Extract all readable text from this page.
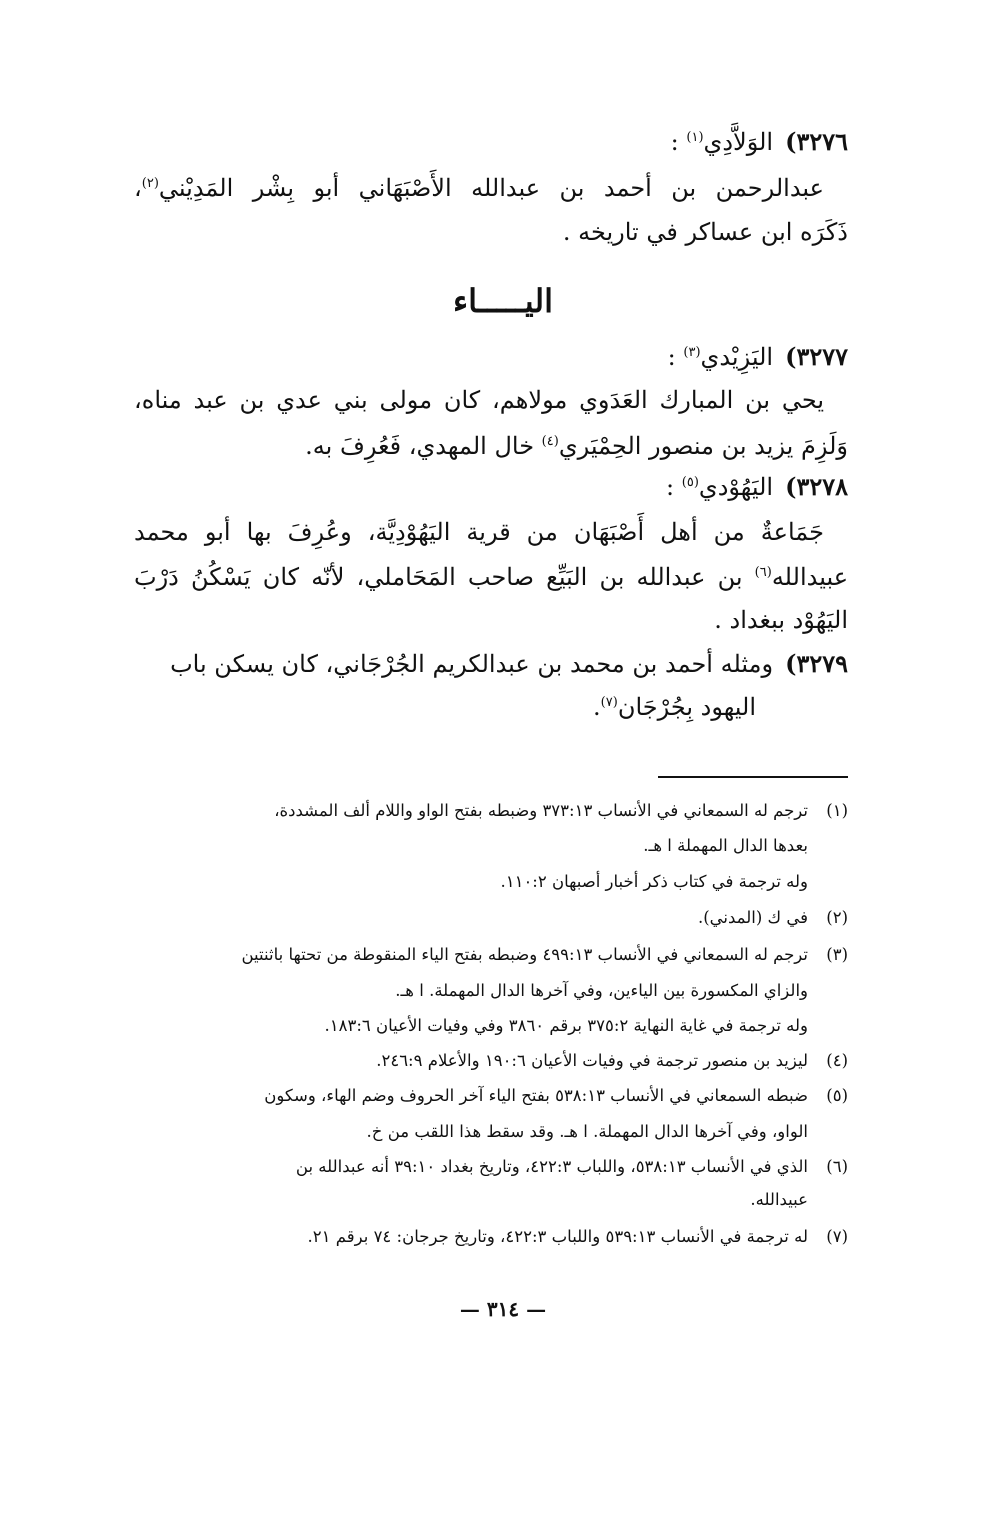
٣٢٧٦)الوَلاَّدِي$^{(١)}$ :
عبدالرحمن بن أحمد بن عبدالله الأَصْبَهَاني أبو بِشْر المَدِيْني$^{(٢)}$،
ذَكَرَه ابن عساكر في تاريخه .
اليـــــاء
٣٢٧٧)اليَزِيْدي$^{(٣)}$ :
يحي بن المبارك العَدَوي مولاهم، كان مولى بني عدي بن عبد مناه،
وَلَزِمَ يزيد بن منصور الحِمْيَري$^{(٤)}$ خال المهدي، فَعُرِفَ به.
٣٢٧٨)اليَهُوْدي$^{(٥)}$ :
جَمَاعةٌ من أهل أَصْبَهَان من قرية اليَهُوْدِيَّة، وعُرِفَ بها أبو محمد
عبيدالله$^{(٦)}$ بن عبدالله بن البَيِّع صاحب المَحَاملي، لأنّه كان يَسْكُنُ دَرْبَ
اليَهُوْد ببغداد .
٣٢٧٩)ومثله أحمد بن محمد بن عبدالكريم الجُرْجَاني، كان يسكن باب
اليهود بِجُرْجَان$^{(٧)}$.
(١)ترجم له السمعاني في الأنساب ٣٧٣:١٣ وضبطه بفتح الواو واللام ألف المشددة،
بعدها الدال المهملة ا هـ.
وله ترجمة في كتاب ذكر أخبار أصبهان ١١٠:٢.
(٢)في ك (المدني).
(٣)ترجم له السمعاني في الأنساب ٤٩٩:١٣ وضبطه بفتح الياء المنقوطة من تحتها باثنتين
والزاي المكسورة بين الياءين، وفي آخرها الدال المهملة. ا هـ.
وله ترجمة في غاية النهاية ٣٧٥:٢ برقم ٣٨٦٠ وفي وفيات الأعيان ١٨٣:٦.
(٤)ليزيد بن منصور ترجمة في وفيات الأعيان ١٩٠:٦ والأعلام ٢٤٦:٩.
(٥)ضبطه السمعاني في الأنساب ٥٣٨:١٣ بفتح الياء آخر الحروف وضم الهاء، وسكون
الواو، وفي آخرها الدال المهملة. ا هـ. وقد سقط هذا اللقب من خ.
(٦)الذي في الأنساب ٥٣٨:١٣، واللباب ٤٢٢:٣، وتاريخ بغداد ٣٩:١٠ أنه عبدالله بن
عبيدالله.
(٧)له ترجمة في الأنساب ٥٣٩:١٣ واللباب ٤٢٢:٣، وتاريخ جرجان: ٧٤ برقم ٢١.
— ٣١٤ —
